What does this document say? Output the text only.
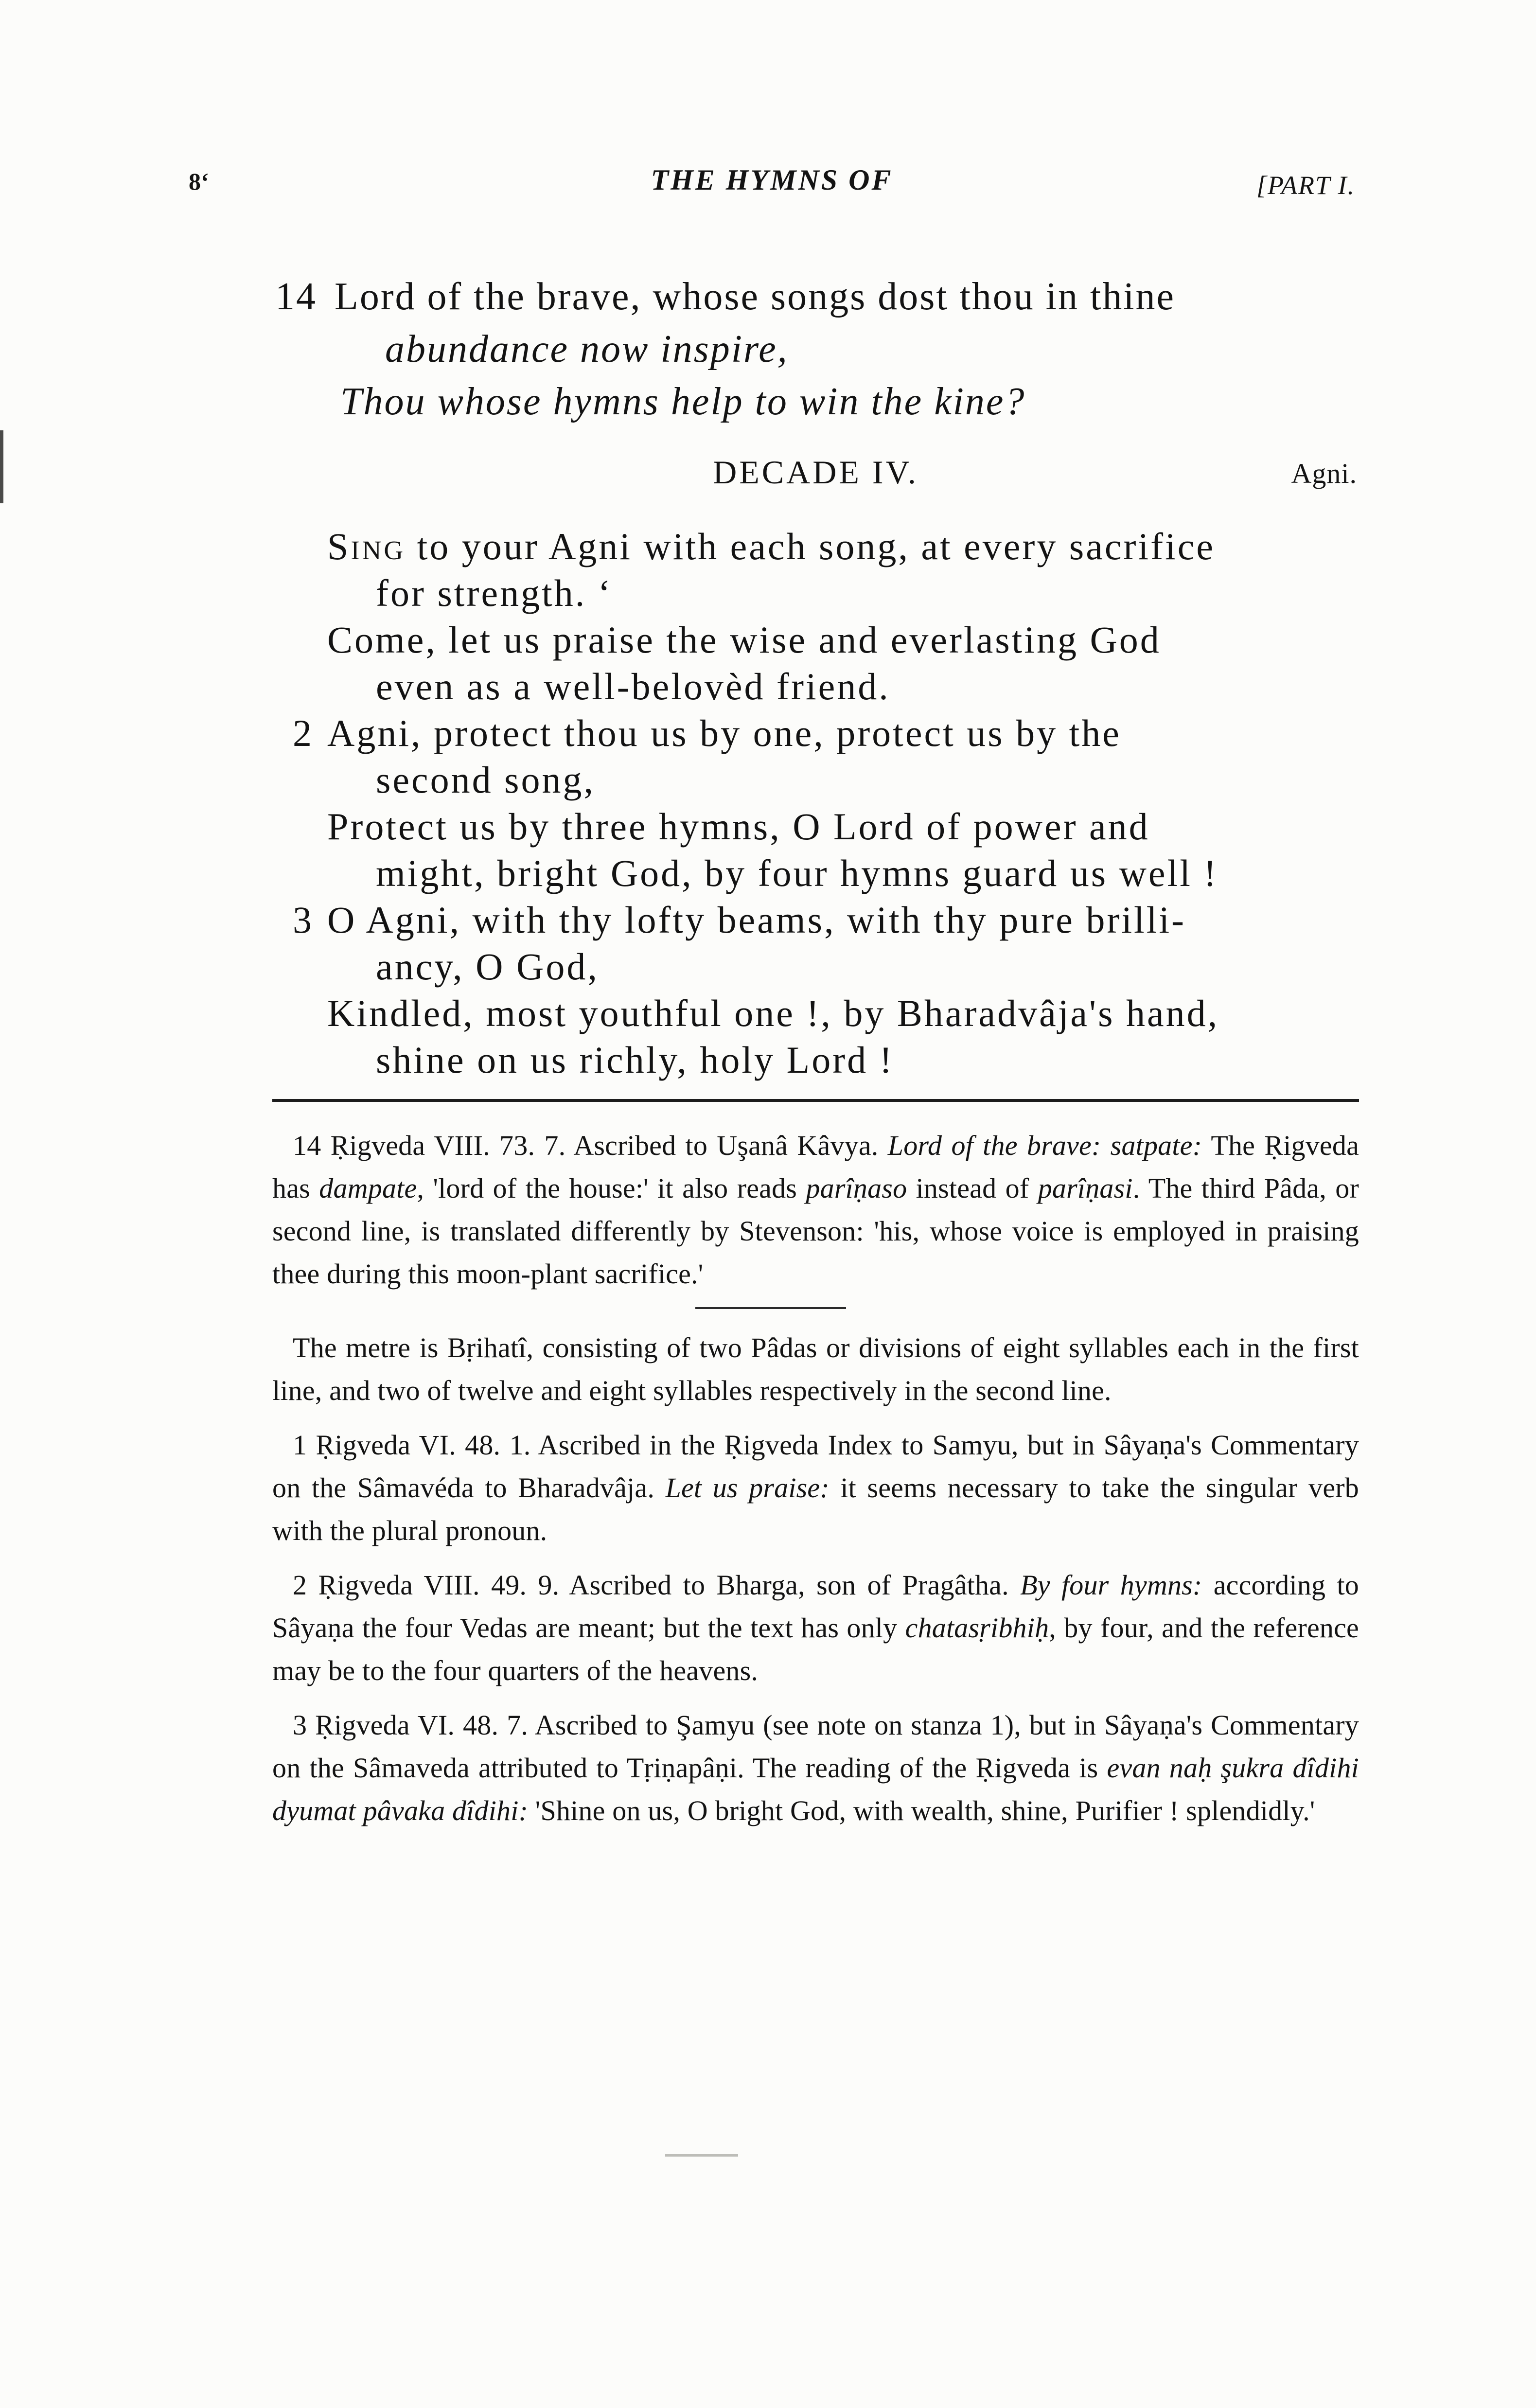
8‘	THE HYMNS OF	[PART I.

14 Lord of the brave, whose songs dost thou in thine

abundance now inspire,

Thou whose hymns help to win the kine?

DECADE IV.	Agni.

Sing to your Agni with each song, at every sacrifice

for strength. ʻ

Come, let us praise the wise and everlasting God

even as a well-belovèd friend.

2 Agni, protect thou us by one, protect us by the

second song,

Protect us by three hymns, O Lord of power and

might, bright God, by four hymns guard us well !

3 O Agni, with thy lofty beams, with thy pure brilli-

ancy, O God,

Kindled, most youthful one !, by Bharadvâja's hand,

shine on us richly, holy Lord !

14 Ṛigveda VIII. 73. 7. Ascribed to Uşanâ Kâvya. Lord of the brave: satpate: The Ṛigveda has dampate, 'lord of the house:' it also reads parîṇaso instead of parîṇasi. The third Pâda, or second line, is translated differently by Stevenson: 'his, whose voice is employed in praising thee during this moon-plant sacrifice.'

The metre is Bṛihatî, consisting of two Pâdas or divisions of eight syllables each in the first line, and two of twelve and eight syllables respectively in the second line.

1 Ṛigveda VI. 48. 1. Ascribed in the Ṛigveda Index to Samyu, but in Sâyaṇa's Commentary on the Sâmavéda to Bharadvâja. Let us praise: it seems necessary to take the singular verb with the plural pronoun.

2 Ṛigveda VIII. 49. 9. Ascribed to Bharga, son of Pragâtha. By four hymns: according to Sâyaṇa the four Vedas are meant; but the text has only chatasṛibhiḥ, by four, and the reference may be to the four quarters of the heavens.

3 Ṛigveda VI. 48. 7. Ascribed to Şamyu (see note on stanza 1), but in Sâyaṇa's Commentary on the Sâmaveda attributed to Tṛiṇapâṇi. The reading of the Ṛigveda is evan naḥ şukra dîdihi dyumat pâvaka dîdihi: 'Shine on us, O bright God, with wealth, shine, Purifier ! splendidly.'
